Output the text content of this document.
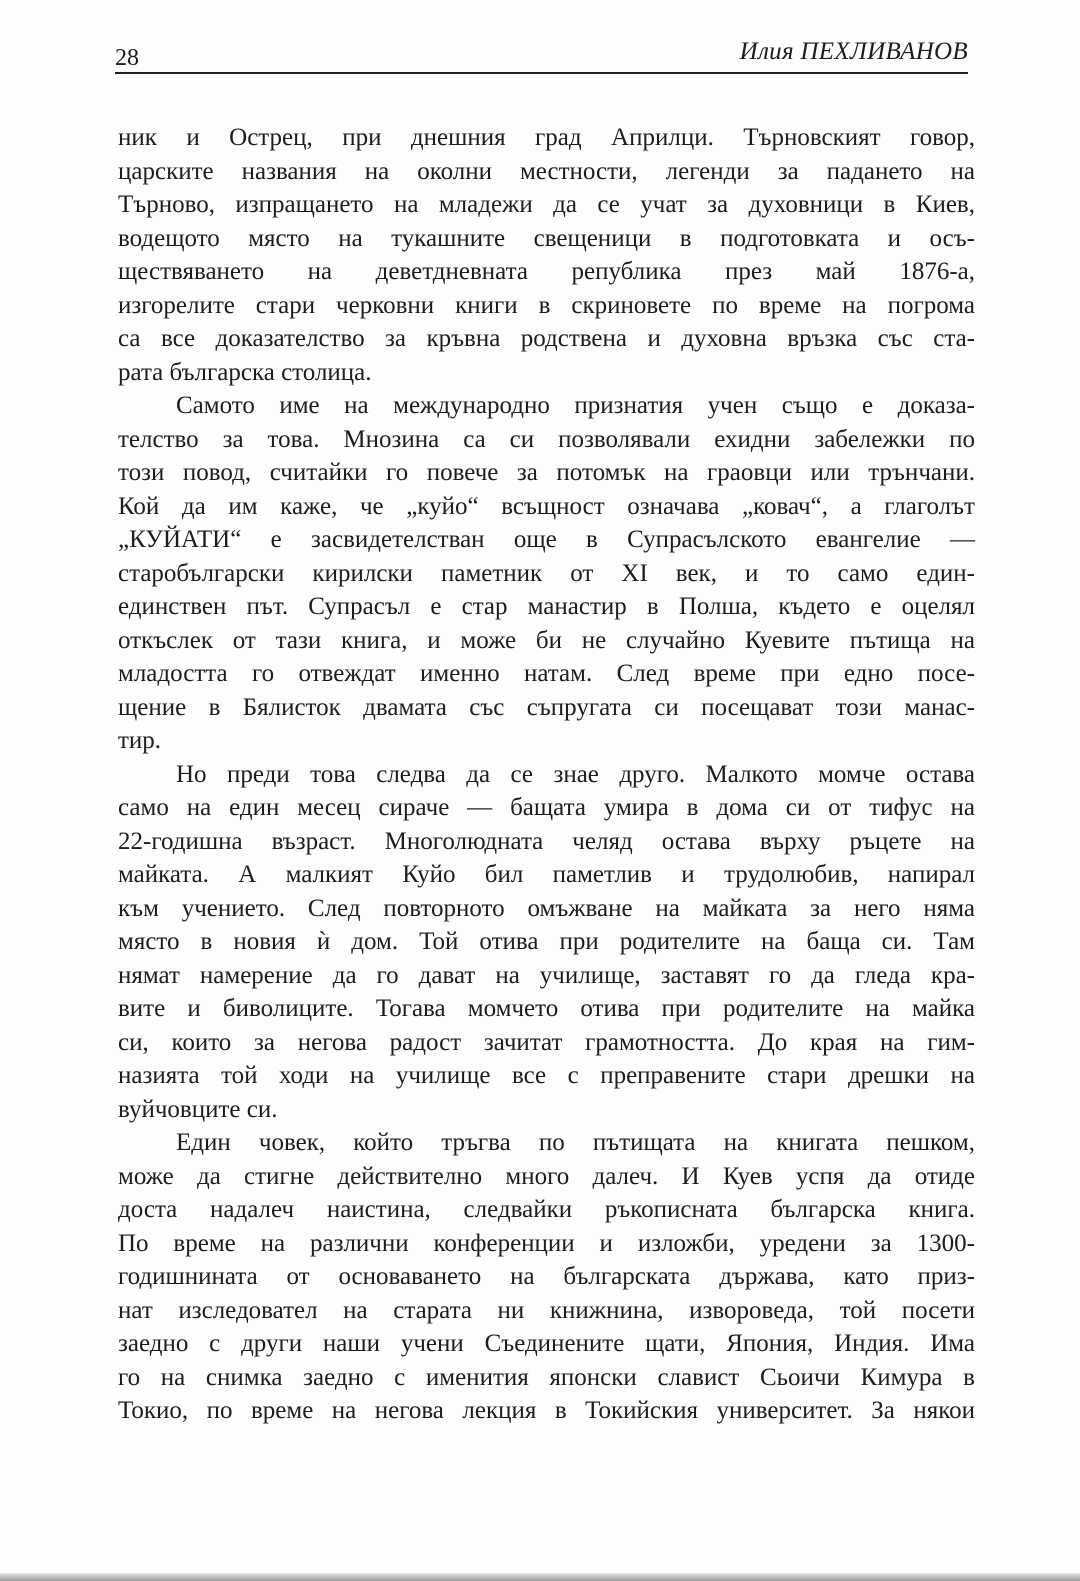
28	Илия ПЕХЛИВАНОВ

ник и Острец, при днешния град Априлци. Търновският говор,
царските названия на околни местности, легенди за падането на
Търново, изпращането на младежи да се учат за духовници в Киев,
водещото място на тукашните свещеници в подготовката и осъ-
ществяването на деветдневната република през май 1876-а,
изгорелите стари черковни книги в скриновете по време на погрома
са все доказателство за кръвна родствена и духовна връзка със ста-
рата българска столица.

Самото име на международно признатия учен също е доказа-
телство за това. Мнозина са си позволявали ехидни забележки по
този повод, считайки го повече за потомък на граовци или трънчани.
Кой да им каже, че „куйо“ всъщност означава „ковач“, а глаголът
„КУЙАТИ“ е засвидетелстван още в Супрасълското евангелие —
старобългарски кирилски паметник от XI век, и то само един-
единствен път. Супрасъл е стар манастир в Полша, където е оцелял
откъслек от тази книга, и може би не случайно Куевите пътища на
младостта го отвеждат именно натам. След време при едно посе-
щение в Бялисток двамата със съпругата си посещават този манас-
тир.

Но преди това следва да се знае друго. Малкото момче остава
само на един месец сираче — бащата умира в дома си от тифус на
22-годишна възраст. Многолюдната челяд остава върху ръцете на
майката. А малкият Куйо бил паметлив и трудолюбив, напирал
към учението. След повторното омъжване на майката за него няма
място в новия ѝ дом. Той отива при родителите на баща си. Там
нямат намерение да го дават на училище, заставят го да гледа кра-
вите и биволиците. Тогава момчето отива при родителите на майка
си, които за негова радост зачитат грамотността. До края на гим-
назията той ходи на училище все с преправените стари дрешки на
вуйчовците си.

Един човек, който тръгва по пътищата на книгата пешком,
може да стигне действително много далеч. И Куев успя да отиде
доста надалеч наистина, следвайки ръкописната българска книга.
По време на различни конференции и изложби, уредени за 1300-
годишнината от основаването на българската държава, като приз-
нат изследовател на старата ни книжнина, извороведа, той посети
заедно с други наши учени Съединените щати, Япония, Индия. Има
го на снимка заедно с именития японски славист Сьоичи Кимура в
Токио, по време на негова лекция в Токийския университет. За някои
